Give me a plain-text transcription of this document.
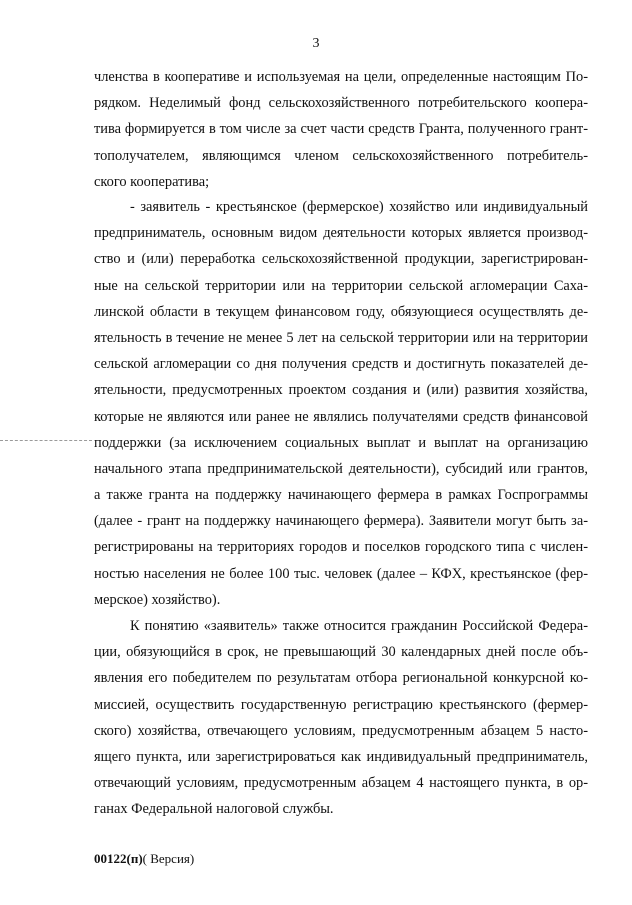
3
членства в кооперативе и используемая на цели, определенные настоящим По-
рядком. Неделимый фонд сельскохозяйственного потребительского коопера-
тива формируется в том числе за счет части средств Гранта, полученного грант-
тополучателем, являющимся членом сельскохозяйственного потребитель-
ского кооператива;
- заявитель - крестьянское (фермерское) хозяйство или индивидуальный
предприниматель, основным видом деятельности которых является производ-
ство и (или) переработка сельскохозяйственной продукции, зарегистрирован-
ные на сельской территории или на территории сельской агломерации Саха-
линской области в текущем финансовом году, обязующиеся осуществлять де-
ятельность в течение не менее 5 лет на сельской территории или на территории
сельской агломерации со дня получения средств и достигнуть показателей де-
ятельности, предусмотренных проектом создания и (или) развития хозяйства,
которые не являются или ранее не являлись получателями средств финансовой
поддержки (за исключением социальных выплат и выплат на организацию
начального этапа предпринимательской деятельности), субсидий или грантов,
а также гранта на поддержку начинающего фермера в рамках Госпрограммы
(далее - грант на поддержку начинающего фермера). Заявители могут быть за-
регистрированы на территориях городов и поселков городского типа с числен-
ностью населения не более 100 тыс. человек (далее – КФХ, крестьянское (фер-
мерское) хозяйство).
К понятию «заявитель» также относится гражданин Российской Федера-
ции, обязующийся в срок, не превышающий 30 календарных дней после объ-
явления его победителем по результатам отбора региональной конкурсной ко-
миссией, осуществить государственную регистрацию крестьянского (фермер-
ского) хозяйства, отвечающего условиям, предусмотренным абзацем 5 насто-
ящего пункта, или зарегистрироваться как индивидуальный предприниматель,
отвечающий условиям, предусмотренным абзацем 4 настоящего пункта, в ор-
ганах Федеральной налоговой службы.
00122(п)( Версия)
